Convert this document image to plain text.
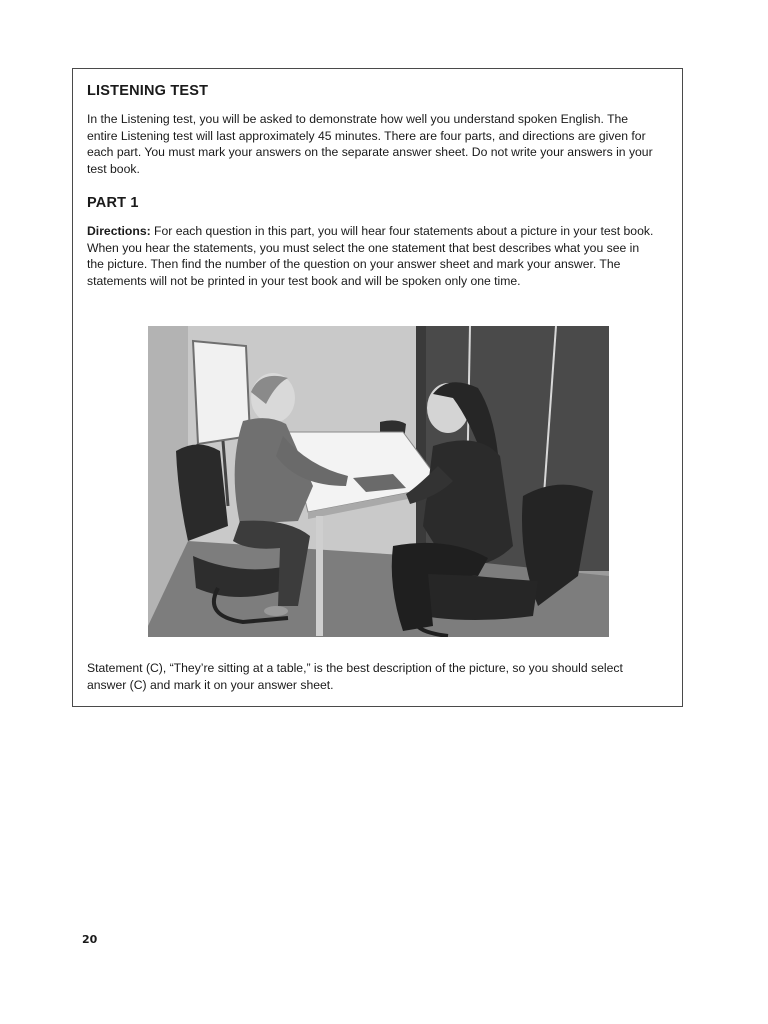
LISTENING TEST

In the Listening test, you will be asked to demonstrate how well you understand spoken English. The entire Listening test will last approximately 45 minutes. There are four parts, and directions are given for each part. You must mark your answers on the separate answer sheet. Do not write your answers in your test book.

PART 1

Directions: For each question in this part, you will hear four statements about a picture in your test book. When you hear the statements, you must select the one statement that best describes what you see in the picture. Then find the number of the question on your answer sheet and mark your answer. The statements will not be printed in your test book and will be spoken only one time.

Statement (C), “They’re sitting at a table,” is the best description of the picture, so you should select answer (C) and mark it on your answer sheet.

20
